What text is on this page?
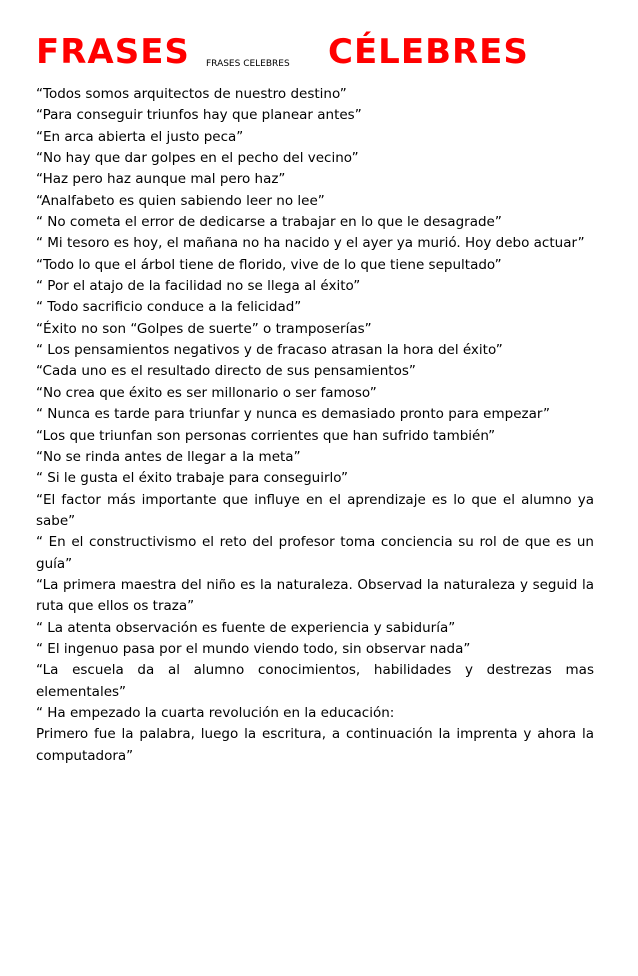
FRASES FRASES CELEBRES CÉLEBRES
“Todos somos arquitectos de nuestro destino”
“Para conseguir triunfos hay que planear antes”
“En arca abierta el justo peca”
“No hay que dar golpes en el pecho del vecino”
“Haz pero haz aunque mal pero haz”
“Analfabeto es quien sabiendo leer no lee”
“ No cometa el error de dedicarse a trabajar en lo que le desagrade”
“ Mi tesoro es hoy, el mañana no ha nacido y el ayer ya murió. Hoy debo actuar”
“Todo lo que el árbol tiene de florido, vive de lo que tiene sepultado”
“ Por el atajo de la facilidad no se llega al éxito”
“ Todo sacrificio conduce a la felicidad”
“Éxito no son “Golpes de suerte” o tramposerías”
“ Los pensamientos negativos y de fracaso atrasan la hora del éxito”
“Cada uno es el resultado directo de sus pensamientos”
“No crea que éxito es ser millonario o ser famoso”
“ Nunca es tarde para triunfar y nunca es demasiado pronto para empezar”
“Los que triunfan son personas corrientes que han sufrido también”
“No se rinda antes de llegar a la meta”
“ Si le gusta el éxito trabaje para conseguirlo”
“El factor más importante que influye en el aprendizaje es lo que el alumno ya sabe”
“ En el constructivismo el reto del profesor toma conciencia su rol de que es un guía”
“La primera maestra del niño es la naturaleza. Observad la naturaleza y seguid la ruta que ellos os traza”
“ La atenta observación es fuente de experiencia y sabiduría”
“ El ingenuo pasa por el mundo viendo todo, sin observar nada”
“La escuela da al alumno conocimientos, habilidades y destrezas mas elementales”
“ Ha empezado la cuarta revolución en la educación:
Primero fue la palabra, luego la escritura, a continuación la imprenta y ahora la computadora”
